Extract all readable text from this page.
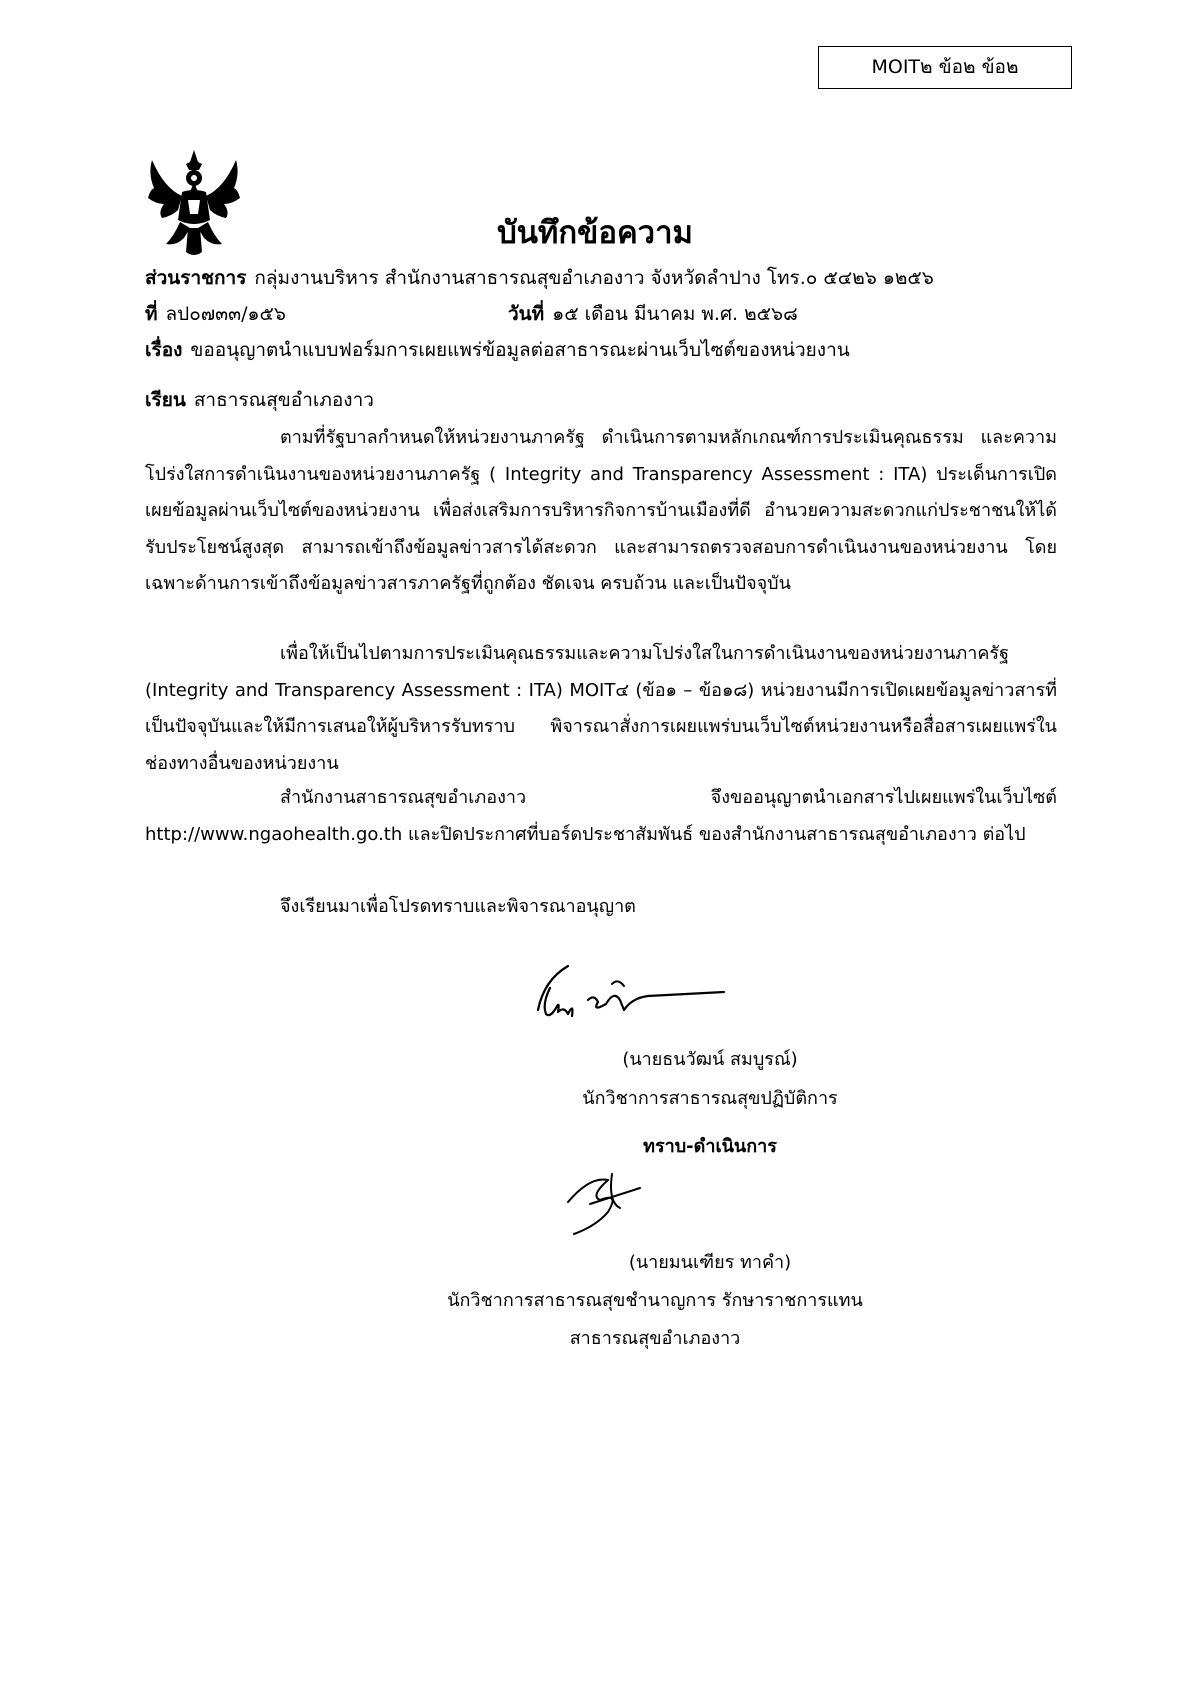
MOIT๒ ข้อ๒ ข้อ๒
บันทึกข้อความ
ส่วนราชการ กลุ่มงานบริหาร สำนักงานสาธารณสุขอำเภองาว จังหวัดลำปาง โทร.๐ ๕๔๒๖ ๑๒๕๖
ที่ ลป๐๗๓๓/๑๕๖	วันที่ ๑๕ เดือน มีนาคม พ.ศ. ๒๕๖๘
เรื่อง ขออนุญาตนำแบบฟอร์มการเผยแพร่ข้อมูลต่อสาธารณะผ่านเว็บไซต์ของหน่วยงาน
เรียน สาธารณสุขอำเภองาว

ตามที่รัฐบาลกำหนดให้หน่วยงานภาครัฐ ดำเนินการตามหลักเกณฑ์การประเมินคุณธรรม และความโปร่งใสการดำเนินงานของหน่วยงานภาครัฐ ( Integrity and Transparency Assessment : ITA) ประเด็นการเปิดเผยข้อมูลผ่านเว็บไซต์ของหน่วยงาน เพื่อส่งเสริมการบริหารกิจการบ้านเมืองที่ดี อำนวยความสะดวกแก่ประชาชนให้ได้รับประโยชน์สูงสุด สามารถเข้าถึงข้อมูลข่าวสารได้สะดวก และสามารถตรวจสอบการดำเนินงานของหน่วยงาน โดยเฉพาะด้านการเข้าถึงข้อมูลข่าวสารภาครัฐที่ถูกต้อง ชัดเจน ครบถ้วน และเป็นปัจจุบัน

เพื่อให้เป็นไปตามการประเมินคุณธรรมและความโปร่งใสในการดำเนินงานของหน่วยงานภาครัฐ (Integrity and Transparency Assessment : ITA) MOIT๔ (ข้อ๑ – ข้อ๑๘) หน่วยงานมีการเปิดเผยข้อมูลข่าวสารที่เป็นปัจจุบันและให้มีการเสนอให้ผู้บริหารรับทราบ พิจารณาสั่งการเผยแพร่บนเว็บไซต์หน่วยงานหรือสื่อสารเผยแพร่ในช่องทางอื่นของหน่วยงาน

สำนักงานสาธารณสุขอำเภองาว จึงขออนุญาตนำเอกสารไปเผยแพร่ในเว็บไซต์ http://www.ngaohealth.go.th และปิดประกาศที่บอร์ดประชาสัมพันธ์ ของสำนักงานสาธารณสุขอำเภองาว ต่อไป

จึงเรียนมาเพื่อโปรดทราบและพิจารณาอนุญาต
(นายธนวัฒน์ สมบูรณ์)
นักวิชาการสาธารณสุขปฏิบัติการ
ทราบ-ดำเนินการ
(นายมนเฑียร ทาคำ)
นักวิชาการสาธารณสุขชำนาญการ รักษาราชการแทน
สาธารณสุขอำเภองาว
